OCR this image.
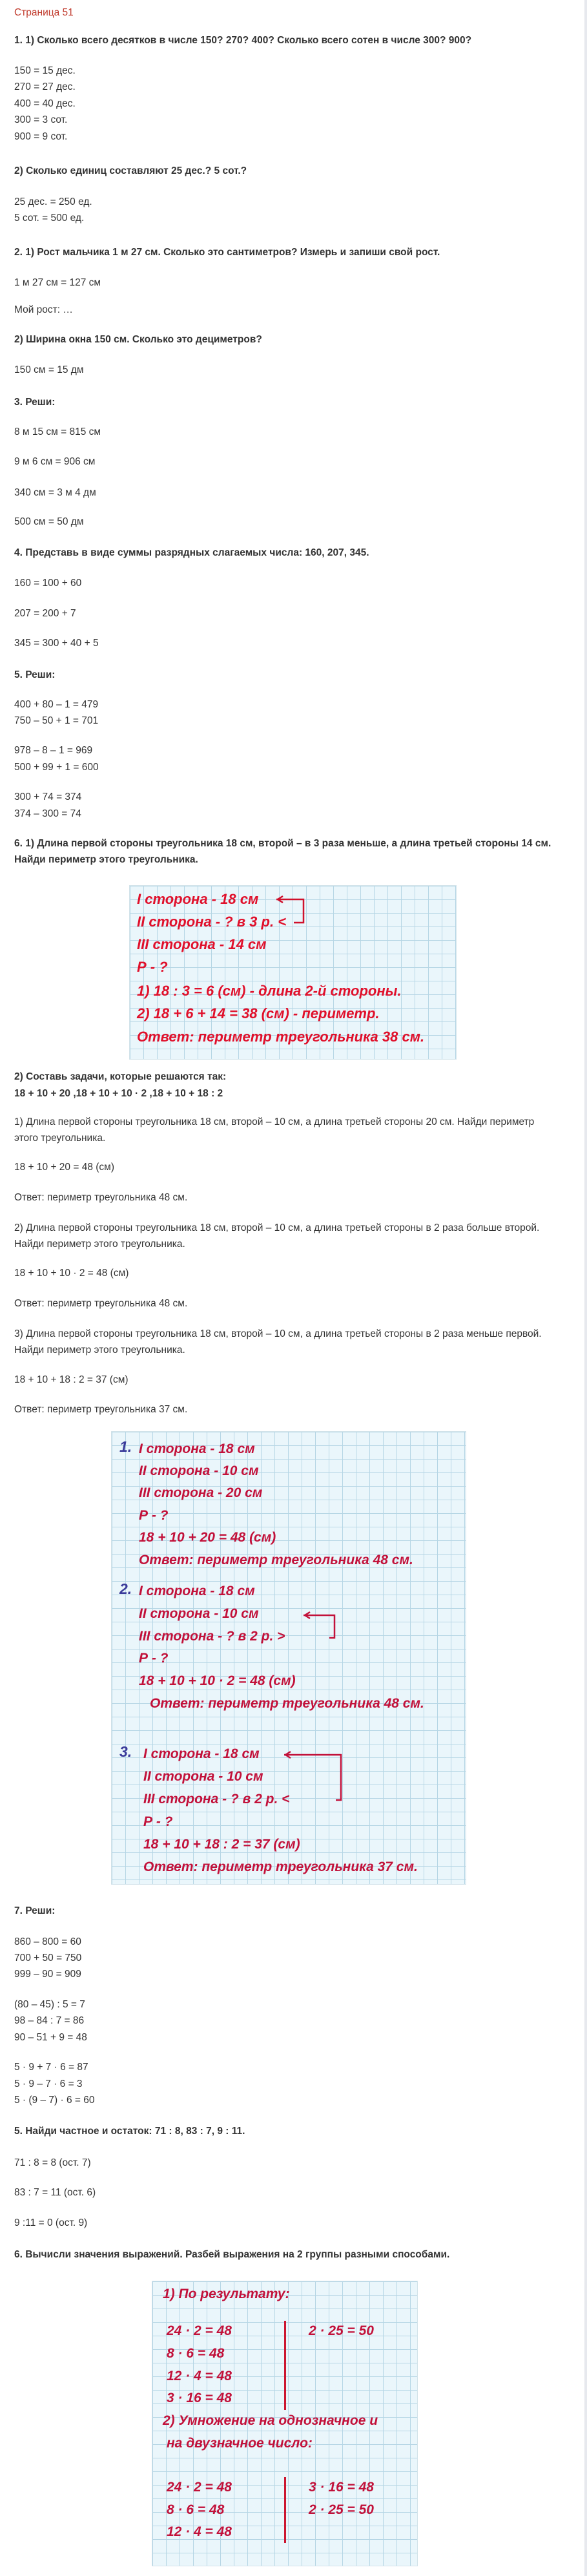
Страница 51
1. 1) Сколько всего десятков в числе 150? 270? 400? Сколько всего сотен в числе 300? 900?
150 = 15 дес.
270 = 27 дес.
400 = 40 дес.
300 = 3 сот.
900 = 9 сот.
2) Сколько единиц составляют 25 дес.? 5 сот.?
25 дес. = 250 ед.
5 сот. = 500 ед.
2. 1) Рост мальчика 1 м 27 см. Сколько это сантиметров? Измерь и запиши свой рост.
1 м 27 см = 127 см
Мой рост: …
2) Ширина окна 150 см. Сколько это дециметров?
150 см = 15 дм
3. Реши:
8 м 15 см = 815 см
9 м 6 см = 906 см
340 см = 3 м 4 дм
500 см = 50 дм
4. Представь в виде суммы разрядных слагаемых числа: 160, 207, 345.
160 = 100 + 60
207 = 200 + 7
345 = 300 + 40 + 5
5. Реши:
400 + 80 – 1 = 479
750 – 50 + 1 = 701
978 – 8 – 1 = 969
500 + 99 + 1 = 600
300 + 74 = 374
374 – 300 = 74
6. 1) Длина первой стороны треугольника 18 см, второй – в 3 раза меньше, а длина третьей стороны 14 см. Найди периметр этого треугольника.
I сторона - 18 см
II сторона - ? в 3 р. <
III сторона - 14 см
Р - ?
1) 18 : 3 = 6 (см) - длина 2-й стороны.
2) 18 + 6 + 14 = 38 (см) - периметр.
Ответ: периметр треугольника 38 см.
2) Составь задачи, которые решаются так:
18 + 10 + 20 ,18 + 10 + 10 · 2 ,18 + 10 + 18 : 2
1) Длина первой стороны треугольника 18 см, второй – 10 см, а длина третьей стороны 20 см. Найди периметр этого треугольника.
18 + 10 + 20 = 48 (см)
Ответ: периметр треугольника 48 см.
2) Длина первой стороны треугольника 18 см, второй – 10 см, а длина третьей стороны в 2 раза больше второй. Найди периметр этого треугольника.
18 + 10 + 10 · 2 = 48 (см)
Ответ: периметр треугольника 48 см.
3) Длина первой стороны треугольника 18 см, второй – 10 см, а длина третьей стороны в 2 раза меньше первой. Найди периметр этого треугольника.
18 + 10 + 18 : 2 = 37 (см)
Ответ: периметр треугольника 37 см.
1. I сторона - 18 см
II сторона - 10 см
III сторона - 20 см
Р - ?
18 + 10 + 20 = 48 (см)
Ответ: периметр треугольника 48 см.
2. I сторона - 18 см
II сторона - 10 см
III сторона - ? в 2 р. >
Р - ?
18 + 10 + 10 · 2 = 48 (см)
Ответ: периметр треугольника 48 см.
3. I сторона - 18 см
II сторона - 10 см
III сторона - ? в 2 р. <
Р - ?
18 + 10 + 18 : 2 = 37 (см)
Ответ: периметр треугольника 37 см.
7. Реши:
860 – 800 = 60
700 + 50 = 750
999 – 90 = 909
(80 – 45) : 5 = 7
98 – 84 : 7 = 86
90 – 51 + 9 = 48
5 · 9 + 7 · 6 = 87
5 · 9 – 7 · 6 = 3
5 · (9 – 7) · 6 = 60
5. Найди частное и остаток: 71 : 8, 83 : 7, 9 : 11.
71 : 8 = 8 (ост. 7)
83 : 7 = 11 (ост. 6)
9 :11 = 0 (ост. 9)
6. Вычисли значения выражений. Разбей выражения на 2 группы разными способами.
1) По результату:
24 · 2 = 48
8 · 6 = 48
12 · 4 = 48
3 · 16 = 48
2 · 25 = 50
2) Умножение на однозначное и
на двузначное число:
24 · 2 = 48
8 · 6 = 48
12 · 4 = 48
3 · 16 = 48
2 · 25 = 50
